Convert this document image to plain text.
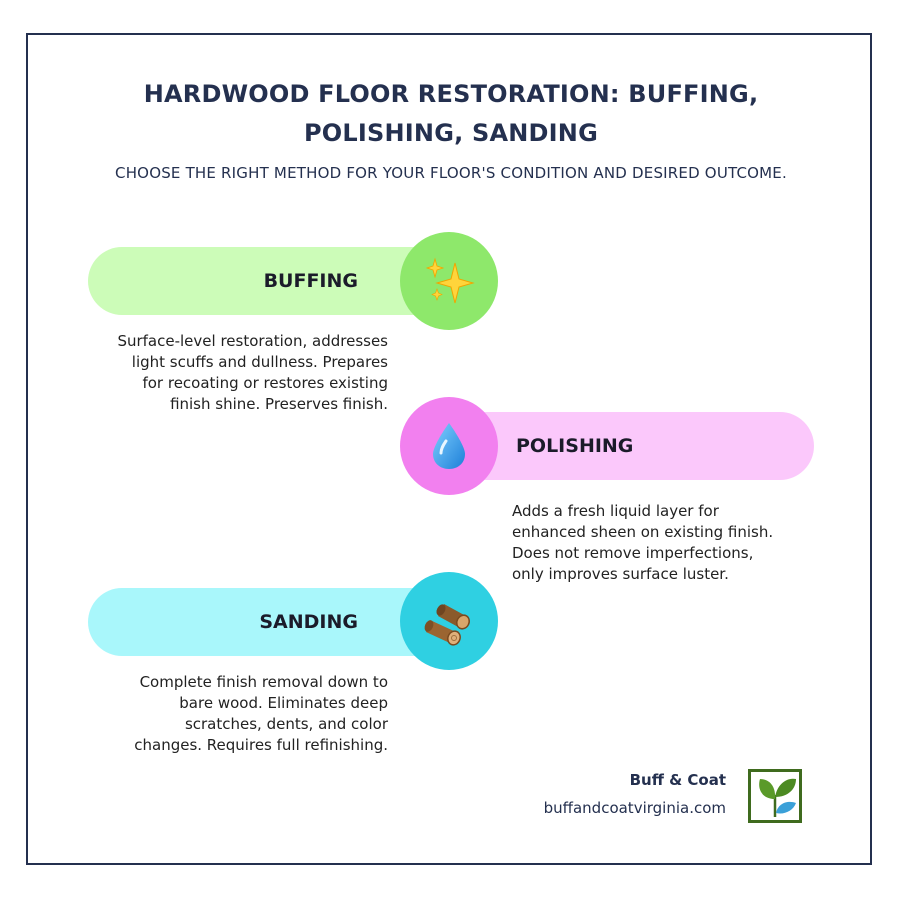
HARDWOOD FLOOR RESTORATION: BUFFING,
POLISHING, SANDING
CHOOSE THE RIGHT METHOD FOR YOUR FLOOR'S CONDITION AND DESIRED OUTCOME.
BUFFING
Surface-level restoration, addresses
light scuffs and dullness. Prepares
for recoating or restores existing
finish shine. Preserves finish.
POLISHING
Adds a fresh liquid layer for
enhanced sheen on existing finish.
Does not remove imperfections,
only improves surface luster.
SANDING
Complete finish removal down to
bare wood. Eliminates deep
scratches, dents, and color
changes. Requires full refinishing.
Buff & Coat
buffandcoatvirginia.com
